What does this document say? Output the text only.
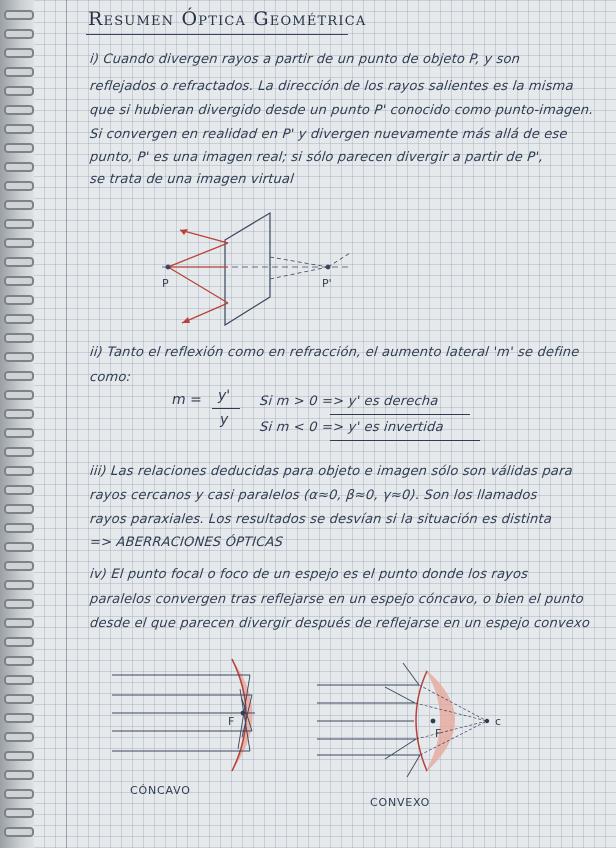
Resumen Óptica Geométrica
i) Cuando divergen rayos a partir de un punto de objeto P, y son
reflejados o refractados. La dirección de los rayos salientes es la misma
que si hubieran divergido desde un punto P' conocido como punto-imagen.
Si convergen en realidad en P' y divergen nuevamente más allá de ese
punto, P' es una imagen real; si sólo parecen divergir a partir de P',
se trata de una imagen virtual
P	P'
ii) Tanto el reflexión como en refracción, el aumento lateral 'm' se define
como:
m = y'
y
Si m > 0 => y' es derecha
Si m < 0 => y' es invertida
iii) Las relaciones deducidas para objeto e imagen sólo son válidas para
rayos cercanos y casi paralelos (α≈0, β≈0, γ≈0). Son los llamados
rayos paraxiales. Los resultados se desvían si la situación es distinta
=> ABERRACIONES ÓPTICAS
iv) El punto focal o foco de un espejo es el punto donde los rayos
paralelos convergen tras reflejarse en un espejo cóncavo, o bien el punto
desde el que parecen divergir después de reflejarse en un espejo convexo
F
CÓNCAVO
F
c
CONVEXO
